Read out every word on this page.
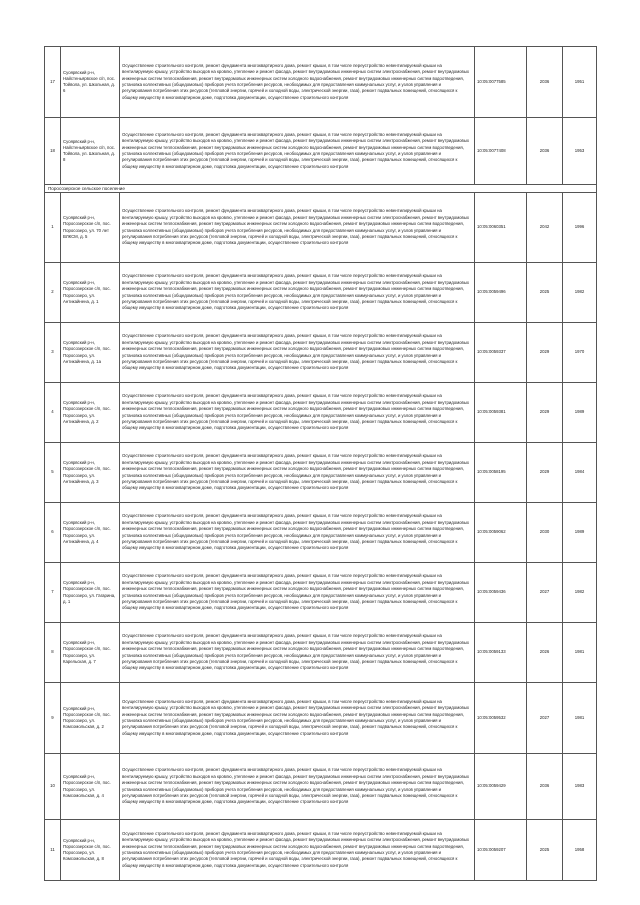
17	Суоярвский р-н, Найстеньярвское с/п, пос. Тойвола, ул. Школьная, д. 6	Осуществление строительного контроля, ремонт фундамента многоквартирного дома, ремонт крыши, в том числе переустройство невентилируемой крыши на вентилируемую крышу, устройство выходов на кровлю, утепление и ремонт фасада, ремонт внутридомовых инженерных систем электроснабжения, ремонт внутридомовых инженерных систем теплоснабжения, ремонт внутридомовых инженерных систем холодного водоснабжения, ремонт внутридомовых инженерных систем водоотведения, установка коллективных (общедомовых) приборов учета потребления ресурсов, необходимых для предоставления коммунальных услуг, и узлов управления и регулирования потребления этих ресурсов (тепловой энергии, горячей и холодной воды, электрической энергии, газа), ремонт подвальных помещений, относящихся к общему имуществу в многоквартирном доме, подготовка документации, осуществление строительного контроля	10:05:0077585	2036	1951
18	Суоярвский р-н, Найстеньярвское с/п, пос. Тойвола, ул. Школьная, д. 8	Осуществление строительного контроля, ремонт фундамента многоквартирного дома, ремонт крыши, в том числе переустройство невентилируемой крыши на вентилируемую крышу, устройство выходов на кровлю, утепление и ремонт фасада, ремонт внутридомовых инженерных систем электроснабжения, ремонт внутридомовых инженерных систем теплоснабжения, ремонт внутридомовых инженерных систем холодного водоснабжения, ремонт внутридомовых инженерных систем водоотведения, установка коллективных (общедомовых) приборов учета потребления ресурсов, необходимых для предоставления коммунальных услуг, и узлов управления и регулирования потребления этих ресурсов (тепловой энергии, горячей и холодной воды, электрической энергии, газа), ремонт подвальных помещений, относящихся к общему имуществу в многоквартирном доме, подготовка документации, осуществление строительного контроля	10:05:0077408	2036	1953
Поросозерское сельское поселение					
1	Суоярвский р-н, Поросозерское с/п, пос. Поросозеро, ул. 70 лет ВЛКСМ, д. 5	Осуществление строительного контроля, ремонт фундамента многоквартирного дома, ремонт крыши, в том числе переустройство невентилируемой крыши на вентилируемую крышу, устройство выходов на кровлю, утепление и ремонт фасада, ремонт внутридомовых инженерных систем электроснабжения, ремонт внутридомовых инженерных систем теплоснабжения, ремонт внутридомовых инженерных систем холодного водоснабжения, ремонт внутридомовых инженерных систем водоотведения, установка коллективных (общедомовых) приборов учета потребления ресурсов, необходимых для предоставления коммунальных услуг, и узлов управления и регулирования потребления этих ресурсов (тепловой энергии, горячей и холодной воды, электрической энергии, газа), ремонт подвальных помещений, относящихся к общему имуществу в многоквартирном доме, подготовка документации, осуществление строительного контроля	10:05:0060351	2042	1996
2	Суоярвский р-н, Поросозерское с/п, пос. Поросозеро, ул. Антикайнена, д. 1	Осуществление строительного контроля, ремонт фундамента многоквартирного дома, ремонт крыши, в том числе переустройство невентилируемой крыши на вентилируемую крышу, устройство выходов на кровлю, утепление и ремонт фасада, ремонт внутридомовых инженерных систем электроснабжения, ремонт внутридомовых инженерных систем теплоснабжения, ремонт внутридомовых инженерных систем холодного водоснабжения, ремонт внутридомовых инженерных систем водоотведения, установка коллективных (общедомовых) приборов учета потребления ресурсов, необходимых для предоставления коммунальных услуг, и узлов управления и регулирования потребления этих ресурсов (тепловой энергии, горячей и холодной воды, электрической энергии, газа), ремонт подвальных помещений, относящихся к общему имуществу в многоквартирном доме, подготовка документации, осуществление строительного контроля	10:05:0059496	2025	1982
3	Суоярвский р-н, Поросозерское с/п, пос. Поросозеро, ул. Антикайнена, д. 1а	Осуществление строительного контроля, ремонт фундамента многоквартирного дома, ремонт крыши, в том числе переустройство невентилируемой крыши на вентилируемую крышу, устройство выходов на кровлю, утепление и ремонт фасада, ремонт внутридомовых инженерных систем электроснабжения, ремонт внутридомовых инженерных систем теплоснабжения, ремонт внутридомовых инженерных систем холодного водоснабжения, ремонт внутридомовых инженерных систем водоотведения, установка коллективных (общедомовых) приборов учета потребления ресурсов, необходимых для предоставления коммунальных услуг, и узлов управления и регулирования потребления этих ресурсов (тепловой энергии, горячей и холодной воды, электрической энергии, газа), ремонт подвальных помещений, относящихся к общему имуществу в многоквартирном доме, подготовка документации, осуществление строительного контроля	10:05:0059337	2029	1970
4	Суоярвский р-н, Поросозерское с/п, пос. Поросозеро, ул. Антикайнена, д. 2	Осуществление строительного контроля, ремонт фундамента многоквартирного дома, ремонт крыши, в том числе переустройство невентилируемой крыши на вентилируемую крышу, устройство выходов на кровлю, утепление и ремонт фасада, ремонт внутридомовых инженерных систем электроснабжения, ремонт внутридомовых инженерных систем теплоснабжения, ремонт внутридомовых инженерных систем холодного водоснабжения, ремонт внутридомовых инженерных систем водоотведения, установка коллективных (общедомовых) приборов учета потребления ресурсов, необходимых для предоставления коммунальных услуг, и узлов управления и регулирования потребления этих ресурсов (тепловой энергии, горячей и холодной воды, электрической энергии, газа), ремонт подвальных помещений, относящихся к общему имуществу в многоквартирном доме, подготовка документации, осуществление строительного контроля	10:05:0059381	2029	1989
5	Суоярвский р-н, Поросозерское с/п, пос. Поросозеро, ул. Антикайнена, д. 3	Осуществление строительного контроля, ремонт фундамента многоквартирного дома, ремонт крыши, в том числе переустройство невентилируемой крыши на вентилируемую крышу, устройство выходов на кровлю, утепление и ремонт фасада, ремонт внутридомовых инженерных систем электроснабжения, ремонт внутридомовых инженерных систем теплоснабжения, ремонт внутридомовых инженерных систем холодного водоснабжения, ремонт внутридомовых инженерных систем водоотведения, установка коллективных (общедомовых) приборов учета потребления ресурсов, необходимых для предоставления коммунальных услуг, и узлов управления и регулирования потребления этих ресурсов (тепловой энергии, горячей и холодной воды, электрической энергии, газа), ремонт подвальных помещений, относящихся к общему имуществу в многоквартирном доме, подготовка документации, осуществление строительного контроля	10:05:0058195	2029	1984
6	Суоярвский р-н, Поросозерское с/п, пос. Поросозеро, ул. Антикайнена, д. 4	Осуществление строительного контроля, ремонт фундамента многоквартирного дома, ремонт крыши, в том числе переустройство невентилируемой крыши на вентилируемую крышу, устройство выходов на кровлю, утепление и ремонт фасада, ремонт внутридомовых инженерных систем электроснабжения, ремонт внутридомовых инженерных систем теплоснабжения, ремонт внутридомовых инженерных систем холодного водоснабжения, ремонт внутридомовых инженерных систем водоотведения, установка коллективных (общедомовых) приборов учета потребления ресурсов, необходимых для предоставления коммунальных услуг, и узлов управления и регулирования потребления этих ресурсов (тепловой энергии, горячей и холодной воды, электрической энергии, газа), ремонт подвальных помещений, относящихся к общему имуществу в многоквартирном доме, подготовка документации, осуществление строительного контроля	10:05:0059062	2030	1989
7	Суоярвский р-н, Поросозерское с/п, пос. Поросозеро, ул. Гагарина, д. 1	Осуществление строительного контроля, ремонт фундамента многоквартирного дома, ремонт крыши, в том числе переустройство невентилируемой крыши на вентилируемую крышу, устройство выходов на кровлю, утепление и ремонт фасада, ремонт внутридомовых инженерных систем электроснабжения, ремонт внутридомовых инженерных систем теплоснабжения, ремонт внутридомовых инженерных систем холодного водоснабжения, ремонт внутридомовых инженерных систем водоотведения, установка коллективных (общедомовых) приборов учета потребления ресурсов, необходимых для предоставления коммунальных услуг, и узлов управления и регулирования потребления этих ресурсов (тепловой энергии, горячей и холодной воды, электрической энергии, газа), ремонт подвальных помещений, относящихся к общему имуществу в многоквартирном доме, подготовка документации, осуществление строительного контроля	10:05:0059436	2027	1982
8	Суоярвский р-н, Поросозерское с/п, пос. Поросозеро, ул. Карельская, д. 7	Осуществление строительного контроля, ремонт фундамента многоквартирного дома, ремонт крыши, в том числе переустройство невентилируемой крыши на вентилируемую крышу, устройство выходов на кровлю, утепление и ремонт фасада, ремонт внутридомовых инженерных систем электроснабжения, ремонт внутридомовых инженерных систем теплоснабжения, ремонт внутридомовых инженерных систем холодного водоснабжения, ремонт внутридомовых инженерных систем водоотведения, установка коллективных (общедомовых) приборов учета потребления ресурсов, необходимых для предоставления коммунальных услуг, и узлов управления и регулирования потребления этих ресурсов (тепловой энергии, горячей и холодной воды, электрической энергии, газа), ремонт подвальных помещений, относящихся к общему имуществу в многоквартирном доме, подготовка документации, осуществление строительного контроля	10:05:0059133	2026	1981
9	Суоярвский р-н, Поросозерское с/п, пос. Поросозеро, ул. Комсомольская, д. 2	Осуществление строительного контроля, ремонт фундамента многоквартирного дома, ремонт крыши, в том числе переустройство невентилируемой крыши на вентилируемую крышу, устройство выходов на кровлю, утепление и ремонт фасада, ремонт внутридомовых инженерных систем электроснабжения, ремонт внутридомовых инженерных систем теплоснабжения, ремонт внутридомовых инженерных систем холодного водоснабжения, ремонт внутридомовых инженерных систем водоотведения, установка коллективных (общедомовых) приборов учета потребления ресурсов, необходимых для предоставления коммунальных услуг, и узлов управления и регулирования потребления этих ресурсов (тепловой энергии, горячей и холодной воды, электрической энергии, газа), ремонт подвальных помещений, относящихся к общему имуществу в многоквартирном доме, подготовка документации, осуществление строительного контроля	10:05:0059532	2027	1981
10	Суоярвский р-н, Поросозерское с/п, пос. Поросозеро, ул. Комсомольская, д. 4	Осуществление строительного контроля, ремонт фундамента многоквартирного дома, ремонт крыши, в том числе переустройство невентилируемой крыши на вентилируемую крышу, устройство выходов на кровлю, утепление и ремонт фасада, ремонт внутридомовых инженерных систем электроснабжения, ремонт внутридомовых инженерных систем теплоснабжения, ремонт внутридомовых инженерных систем холодного водоснабжения, ремонт внутридомовых инженерных систем водоотведения, установка коллективных (общедомовых) приборов учета потребления ресурсов, необходимых для предоставления коммунальных услуг, и узлов управления и регулирования потребления этих ресурсов (тепловой энергии, горячей и холодной воды, электрической энергии, газа), ремонт подвальных помещений, относящихся к общему имуществу в многоквартирном доме, подготовка документации, осуществление строительного контроля	10:05:0059429	2036	1983
11	Суоярвский р-н, Поросозерское с/п, пос. Поросозеро, ул. Комсомольская, д. 8	Осуществление строительного контроля, ремонт фундамента многоквартирного дома, ремонт крыши, в том числе переустройство невентилируемой крыши на вентилируемую крышу, устройство выходов на кровлю, утепление и ремонт фасада, ремонт внутридомовых инженерных систем электроснабжения, ремонт внутридомовых инженерных систем теплоснабжения, ремонт внутридомовых инженерных систем холодного водоснабжения, ремонт внутридомовых инженерных систем водоотведения, установка коллективных (общедомовых) приборов учета потребления ресурсов, необходимых для предоставления коммунальных услуг, и узлов управления и регулирования потребления этих ресурсов (тепловой энергии, горячей и холодной воды, электрической энергии, газа), ремонт подвальных помещений, относящихся к общему имуществу в многоквартирном доме, подготовка документации, осуществление строительного контроля	10:05:0059207	2025	1958
